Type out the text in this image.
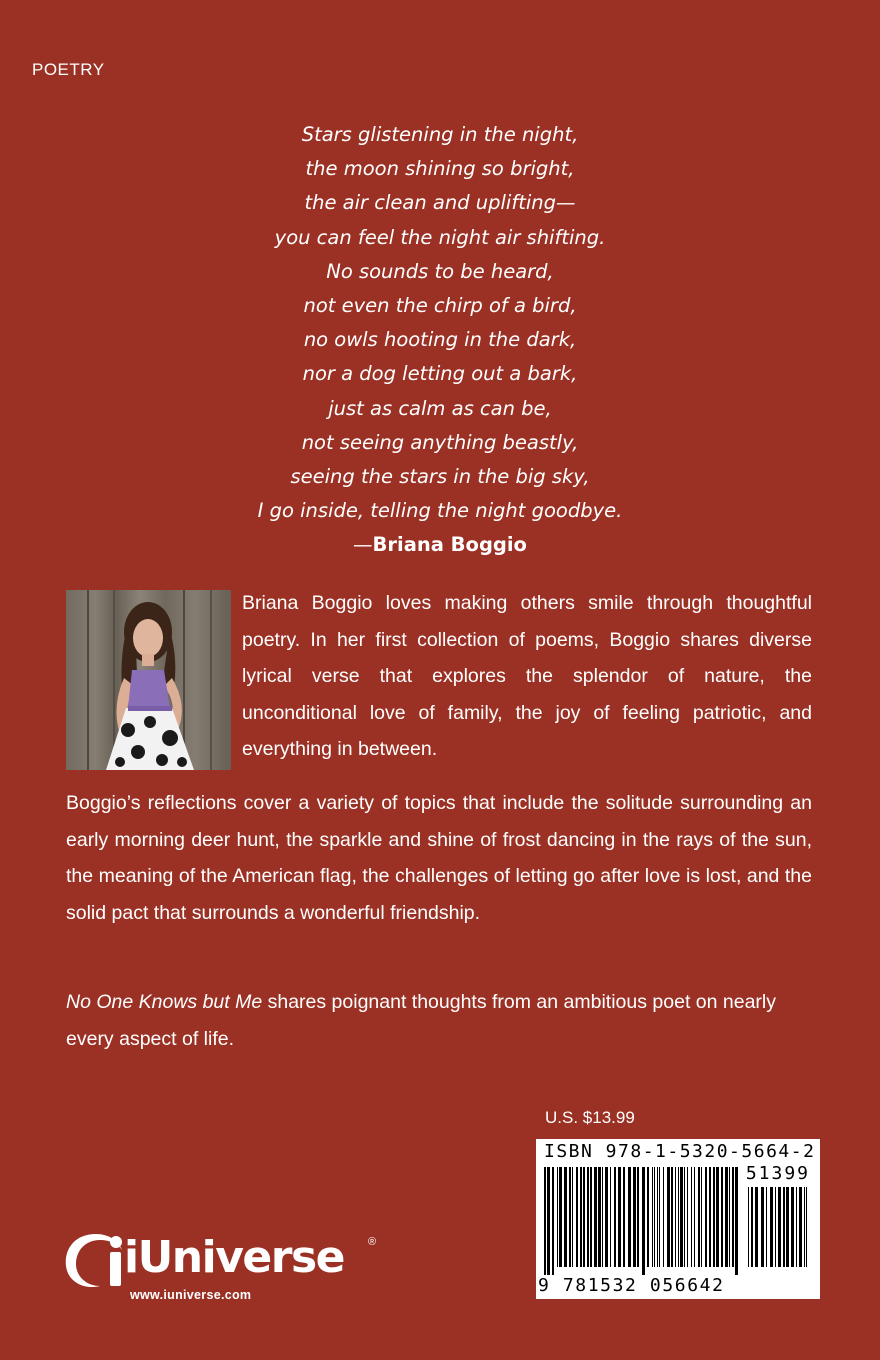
POETRY
Stars glistening in the night,
the moon shining so bright,
the air clean and uplifting—
you can feel the night air shifting.
No sounds to be heard,
not even the chirp of a bird,
no owls hooting in the dark,
nor a dog letting out a bark,
just as calm as can be,
not seeing anything beastly,
seeing the stars in the big sky,
I go inside, telling the night goodbye.
—Briana Boggio
Briana Boggio loves making others smile through thoughtful poetry. In her first collection of poems, Boggio shares diverse lyrical verse that explores the splendor of nature, the unconditional love of family, the joy of feeling patriotic, and everything in between.
Boggio’s reflections cover a variety of topics that include the solitude surrounding an early morning deer hunt, the sparkle and shine of frost dancing in the rays of the sun, the meaning of the American flag, the challenges of letting go after love is lost, and the solid pact that surrounds a wonderful friendship.
No One Knows but Me shares poignant thoughts from an ambitious poet on nearly every aspect of life.
U.S. $13.99
ISBN 978-1-5320-5664-2
51399
9 781532 056642
iUniverse ®
www.iuniverse.com
